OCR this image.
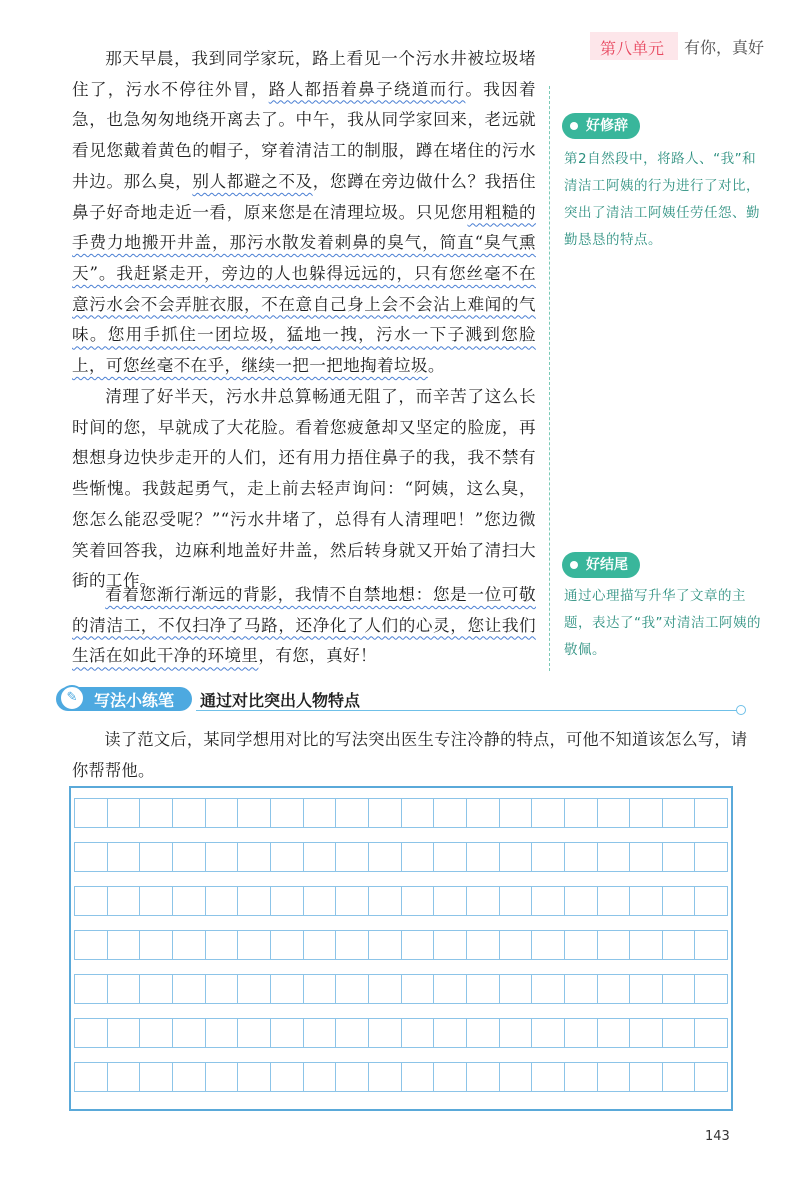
第八单元 有你，真好

那天早晨，我到同学家玩，路上看见一个污水井被垃圾堵住了，污水不停往外冒，路人都捂着鼻子绕道而行。我因着急，也急匆匆地绕开离去了。中午，我从同学家回来，老远就看见您戴着黄色的帽子，穿着清洁工的制服，蹲在堵住的污水井边。那么臭，别人都避之不及，您蹲在旁边做什么？我捂住鼻子好奇地走近一看，原来您是在清理垃圾。只见您用粗糙的手费力地搬开井盖，那污水散发着刺鼻的臭气，简直“臭气熏天”。我赶紧走开，旁边的人也躲得远远的，只有您丝毫不在意污水会不会弄脏衣服，不在意自己身上会不会沾上难闻的气味。您用手抓住一团垃圾，猛地一拽，污水一下子溅到您脸上，可您丝毫不在乎，继续一把一把地掏着垃圾。

清理了好半天，污水井总算畅通无阻了，而辛苦了这么长时间的您，早就成了大花脸。看着您疲惫却又坚定的脸庞，再想想身边快步走开的人们，还有用力捂住鼻子的我，我不禁有些惭愧。我鼓起勇气，走上前去轻声询问：“阿姨，这么臭，您怎么能忍受呢？”“污水井堵了，总得有人清理吧！”您边微笑着回答我，边麻利地盖好井盖，然后转身就又开始了清扫大街的工作。

看着您渐行渐远的背影，我情不自禁地想：您是一位可敬的清洁工，不仅扫净了马路，还净化了人们的心灵，您让我们生活在如此干净的环境里，有您，真好！

好修辞
第2自然段中，将路人、“我”和清洁工阿姨的行为进行了对比，突出了清洁工阿姨任劳任怨、勤勤恳恳的特点。
好结尾
通过心理描写升华了文章的主题，表达了“我”对清洁工阿姨的敬佩。
✎	写法小练笔 通过对比突出人物特点

读了范文后，某同学想用对比的写法突出医生专注冷静的特点，可他不知道该怎么写，请你帮帮他。

143
